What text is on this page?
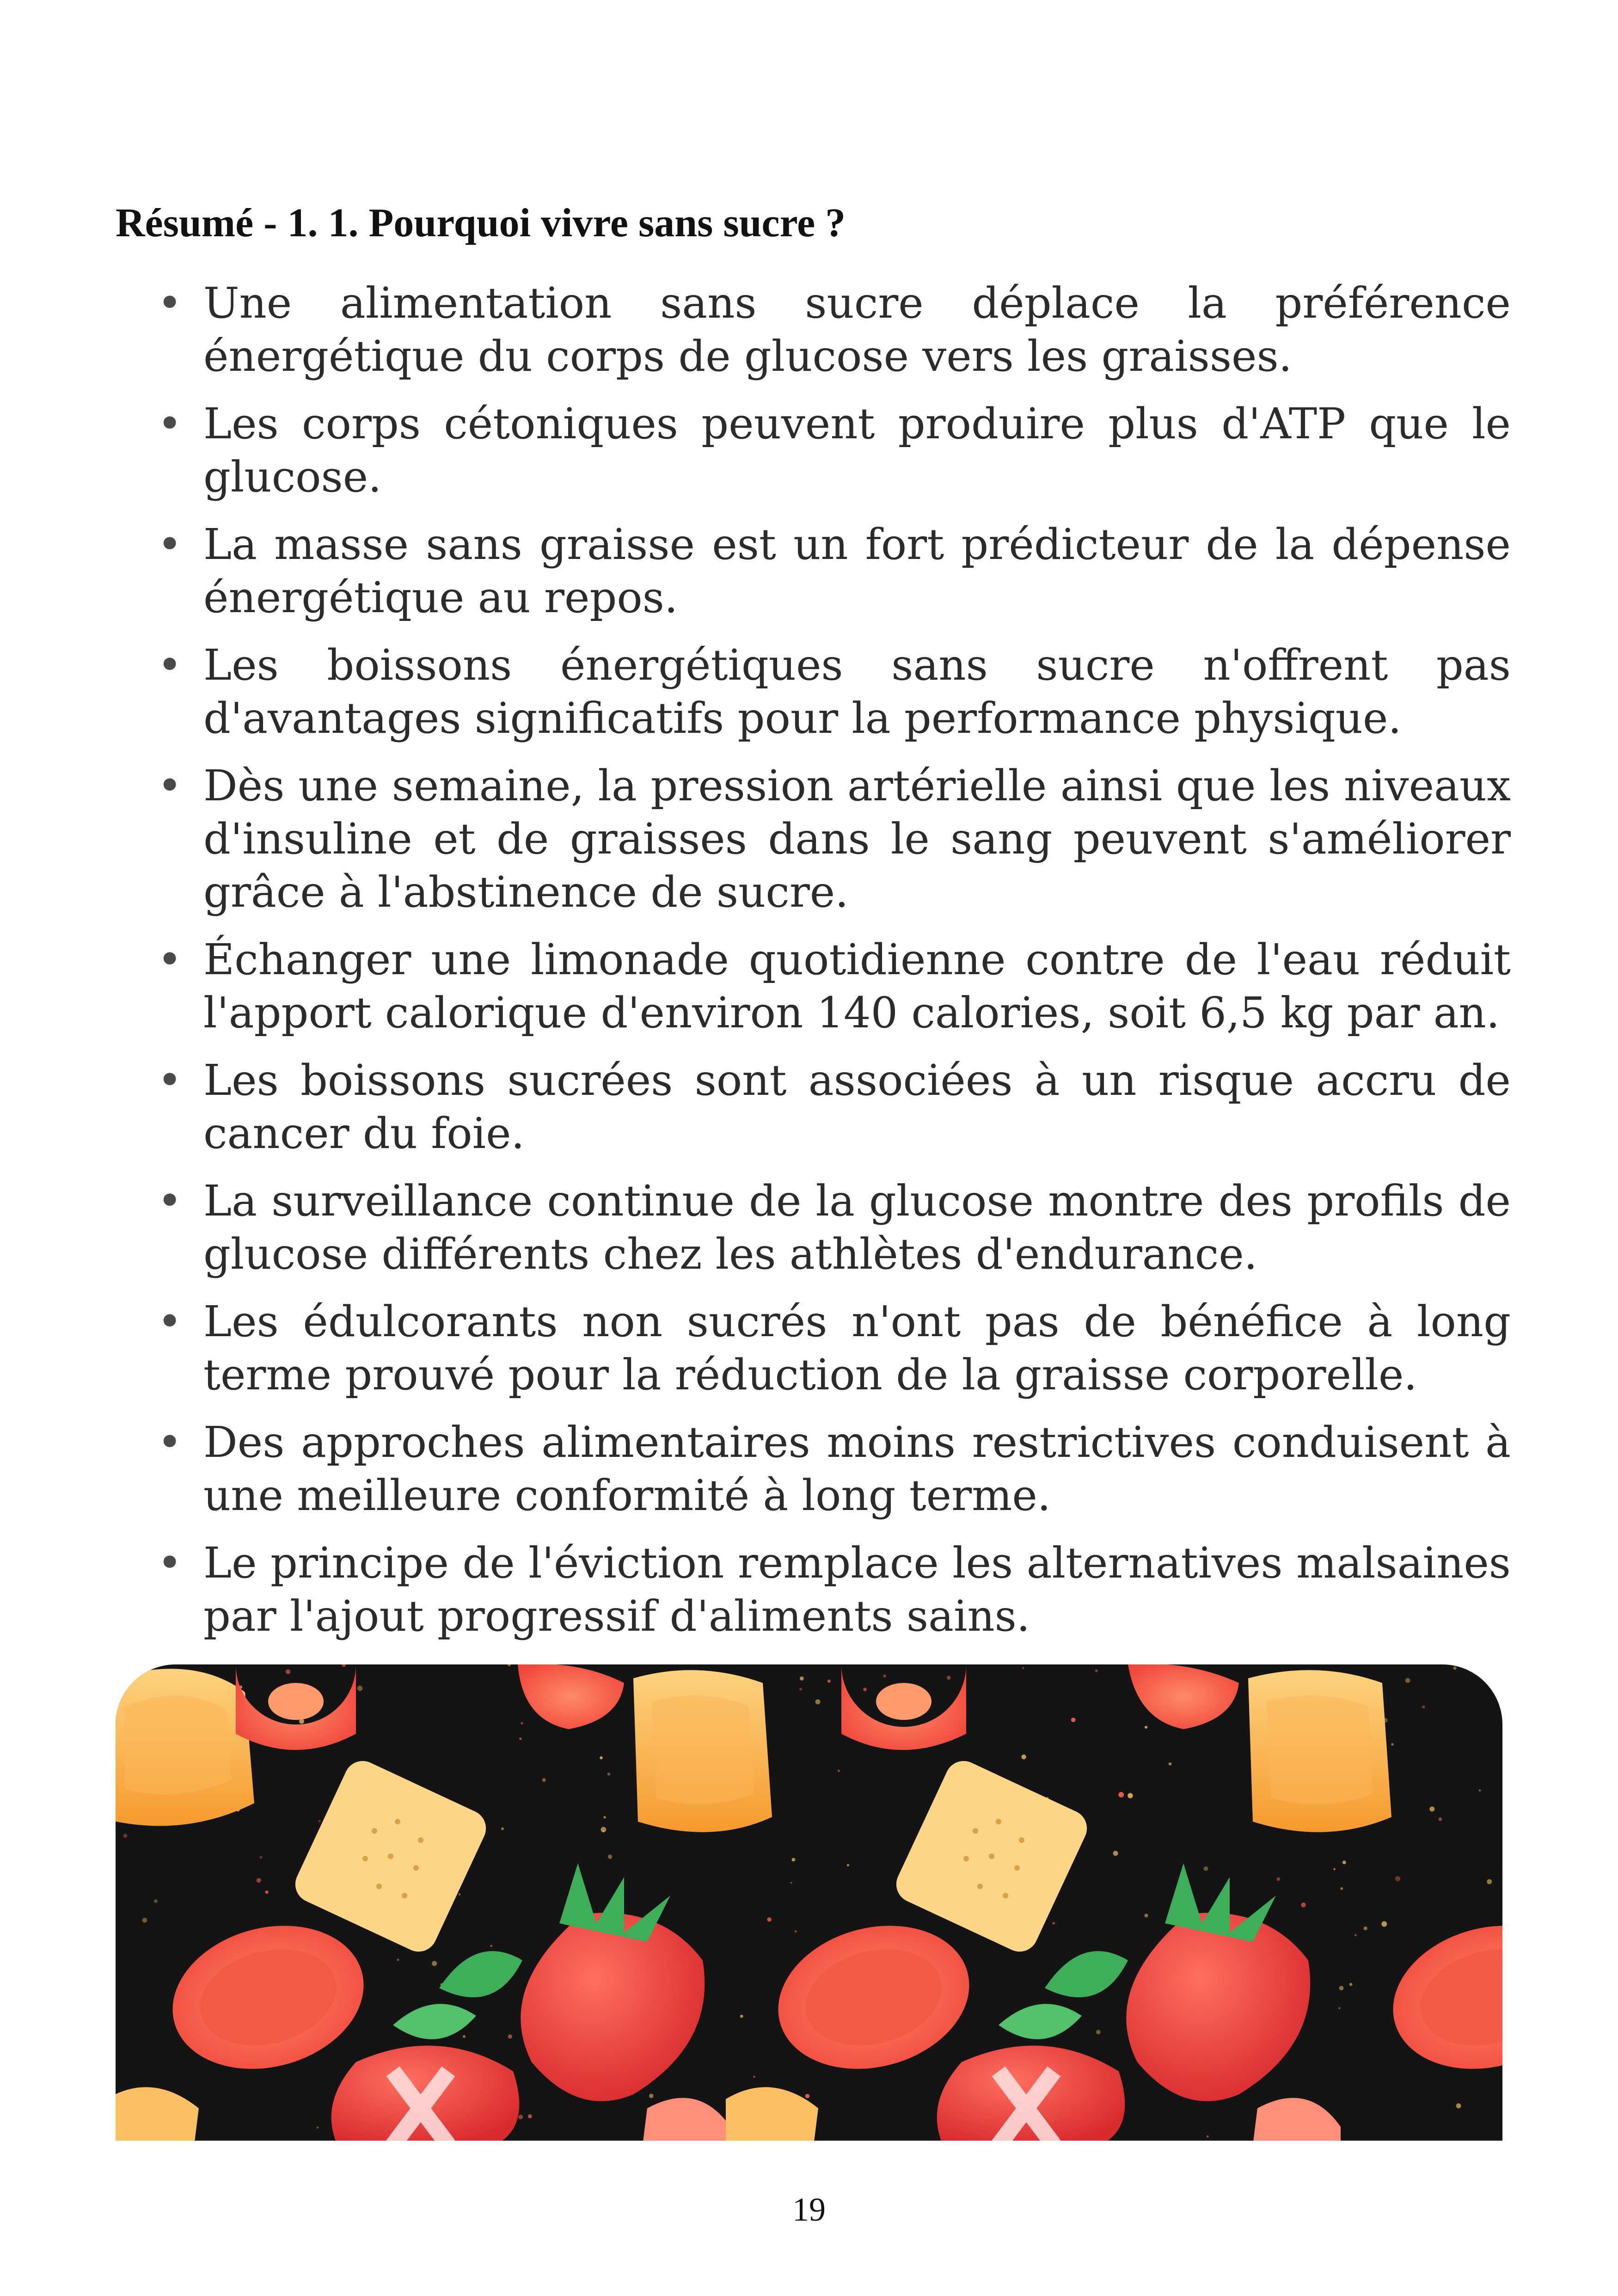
Résumé - 1. 1. Pourquoi vivre sans sucre ?
• Une alimentation sans sucre déplace la préférence énergétique du corps de glucose vers les graisses.
• Les corps cétoniques peuvent produire plus d'ATP que le glucose.
• La masse sans graisse est un fort prédicteur de la dépense énergétique au repos.
• Les boissons énergétiques sans sucre n'offrent pas d'avantages significatifs pour la performance physique.
• Dès une semaine, la pression artérielle ainsi que les niveaux d'insuline et de graisses dans le sang peuvent s'améliorer grâce à l'abstinence de sucre.
• Échanger une limonade quotidienne contre de l'eau réduit l'apport calorique d'environ 140 calories, soit 6,5 kg par an.
• Les boissons sucrées sont associées à un risque accru de cancer du foie.
• La surveillance continue de la glucose montre des profils de glucose différents chez les athlètes d'endurance.
• Les édulcorants non sucrés n'ont pas de bénéfice à long terme prouvé pour la réduction de la graisse corporelle.
• Des approches alimentaires moins restrictives conduisent à une meilleure conformité à long terme.
• Le principe de l'éviction remplace les alternatives malsaines par l'ajout progressif d'aliments sains.
19
